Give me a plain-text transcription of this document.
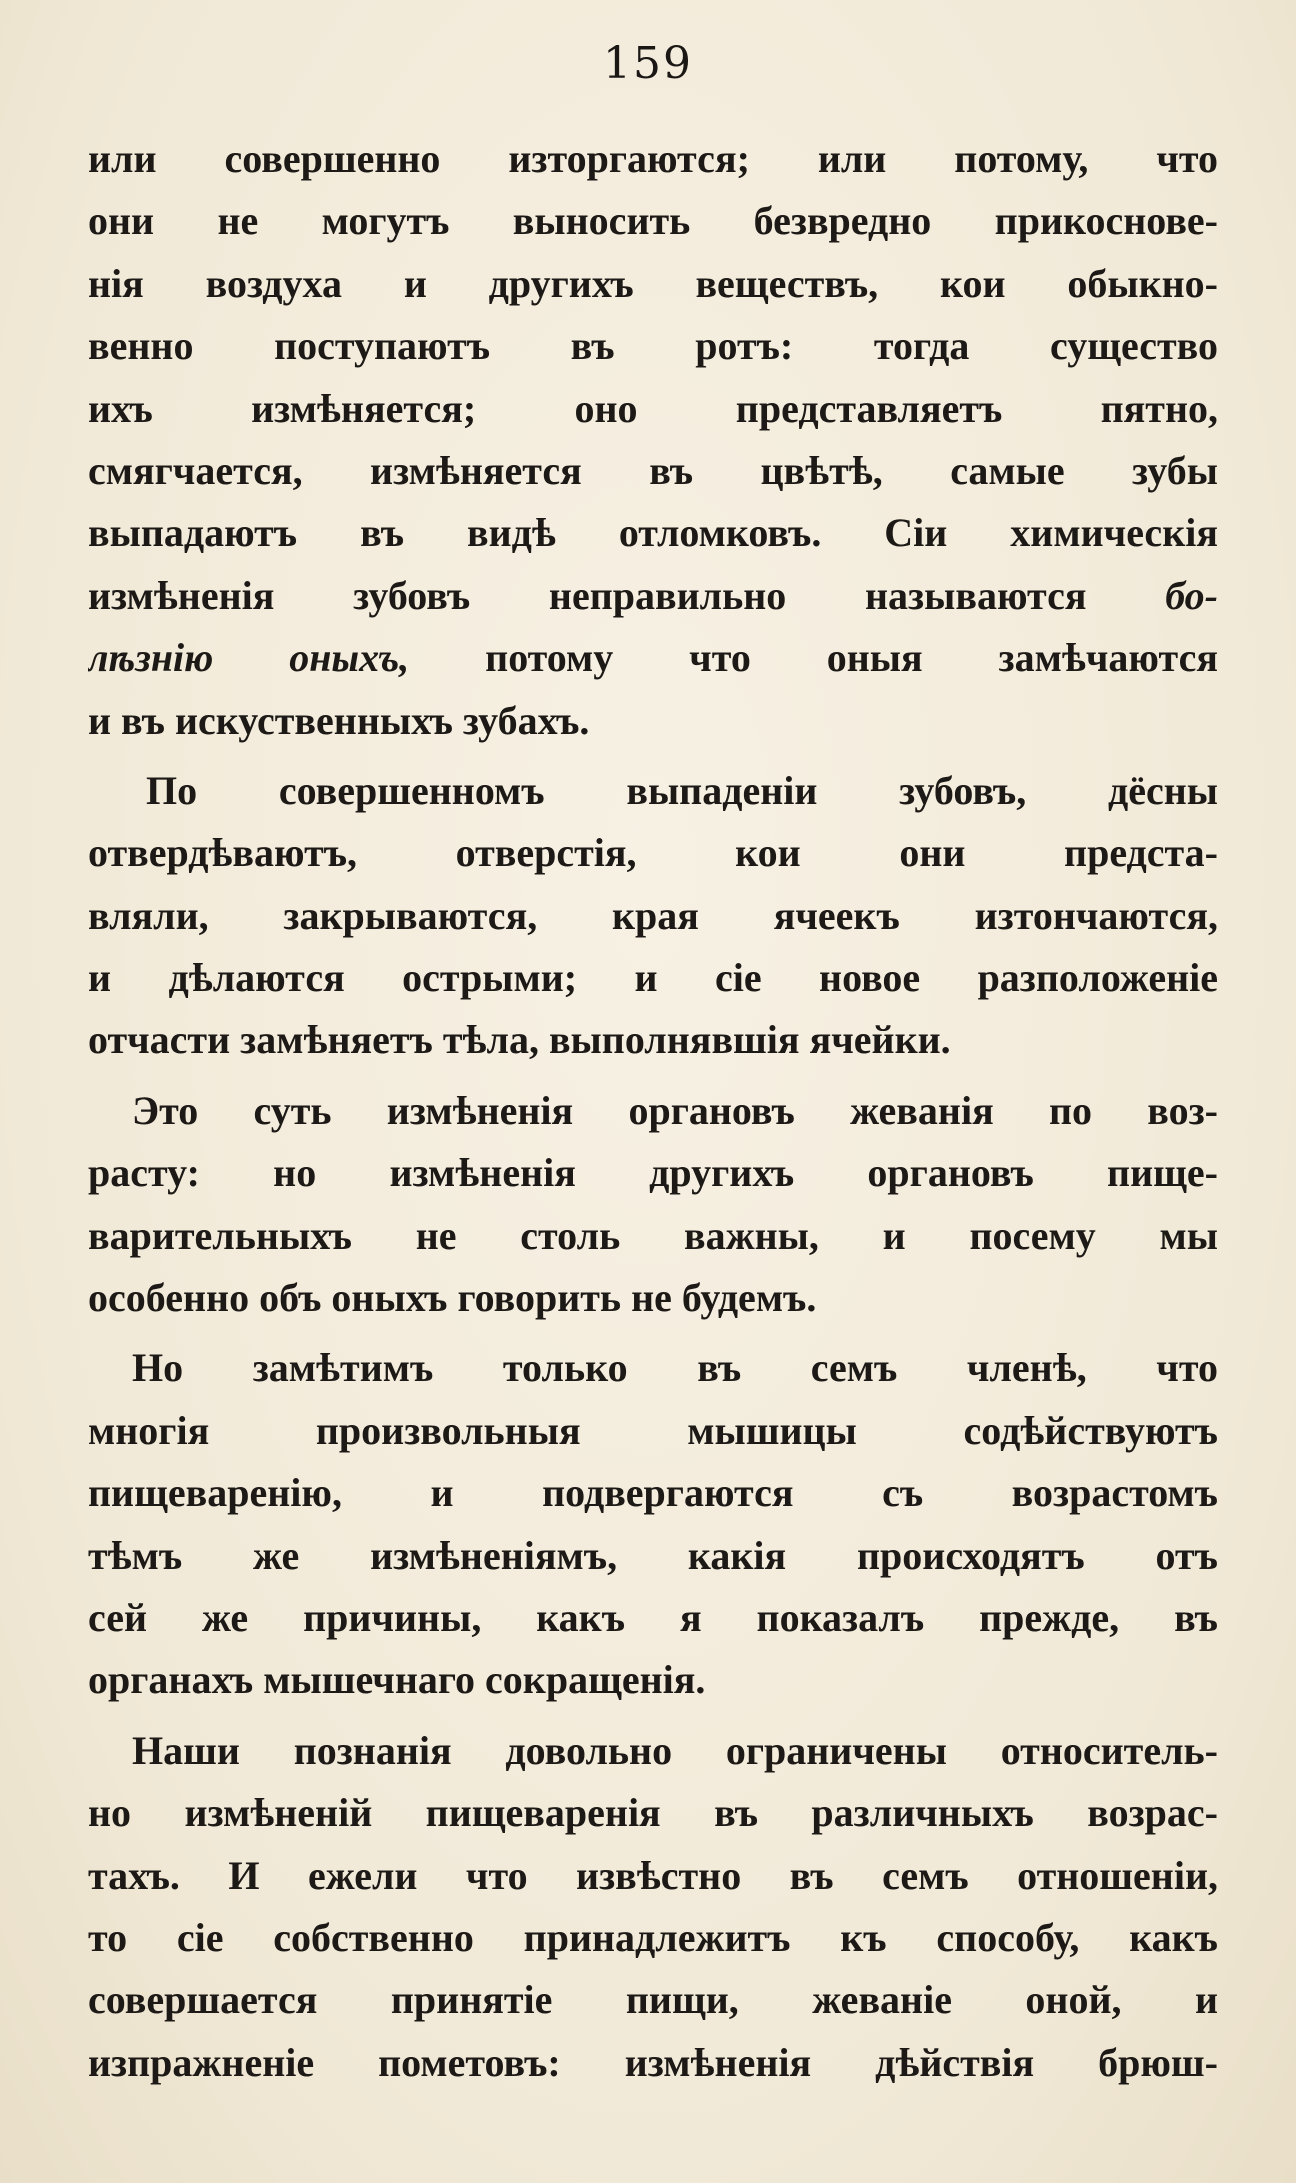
159
или совершенно изторгаются; или потому, что
они не могутъ выносить безвредно прикоснове-
нія воздуха и другихъ веществъ, кои обыкно-
венно поступаютъ въ ротъ: тогда существо
ихъ измѣняется; оно представляетъ пятно,
смягчается, измѣняется въ цвѣтѣ, самые зубы
выпадаютъ въ видѣ отломковъ. Сіи химическія
измѣненія зубовъ неправильно называются бо-
лѣзнію оныхъ, потому что оныя замѣчаются
и въ искуственныхъ зубахъ.
По совершенномъ выпаденіи зубовъ, дёсны
отвердѣваютъ, отверстія, кои они предста-
вляли, закрываются, края ячеекъ изтончаются,
и дѣлаются острыми; и сіе новое разположеніе
отчасти замѣняетъ тѣла, выполнявшія ячейки.
Это суть измѣненія органовъ жеванія по воз-
расту: но измѣненія другихъ органовъ пище-
варительныхъ не столь важны, и посему мы
особенно объ оныхъ говорить не будемъ.
Но замѣтимъ только въ семъ членѣ, что
многія произвольныя мышицы содѣйствуютъ
пищеваренію, и подвергаются съ возрастомъ
тѣмъ же измѣненіямъ, какія происходятъ отъ
сей же причины, какъ я показалъ прежде, въ
органахъ мышечнаго сокращенія.
Наши познанія довольно ограничены относитель-
но измѣненій пищеваренія въ различныхъ возрас-
тахъ. И ежели что извѣстно въ семъ отношеніи,
то сіе собственно принадлежитъ къ способу, какъ
совершается принятіе пищи, жеваніе оной, и
изпражненіе пометовъ: измѣненія дѣйствія брюш-
